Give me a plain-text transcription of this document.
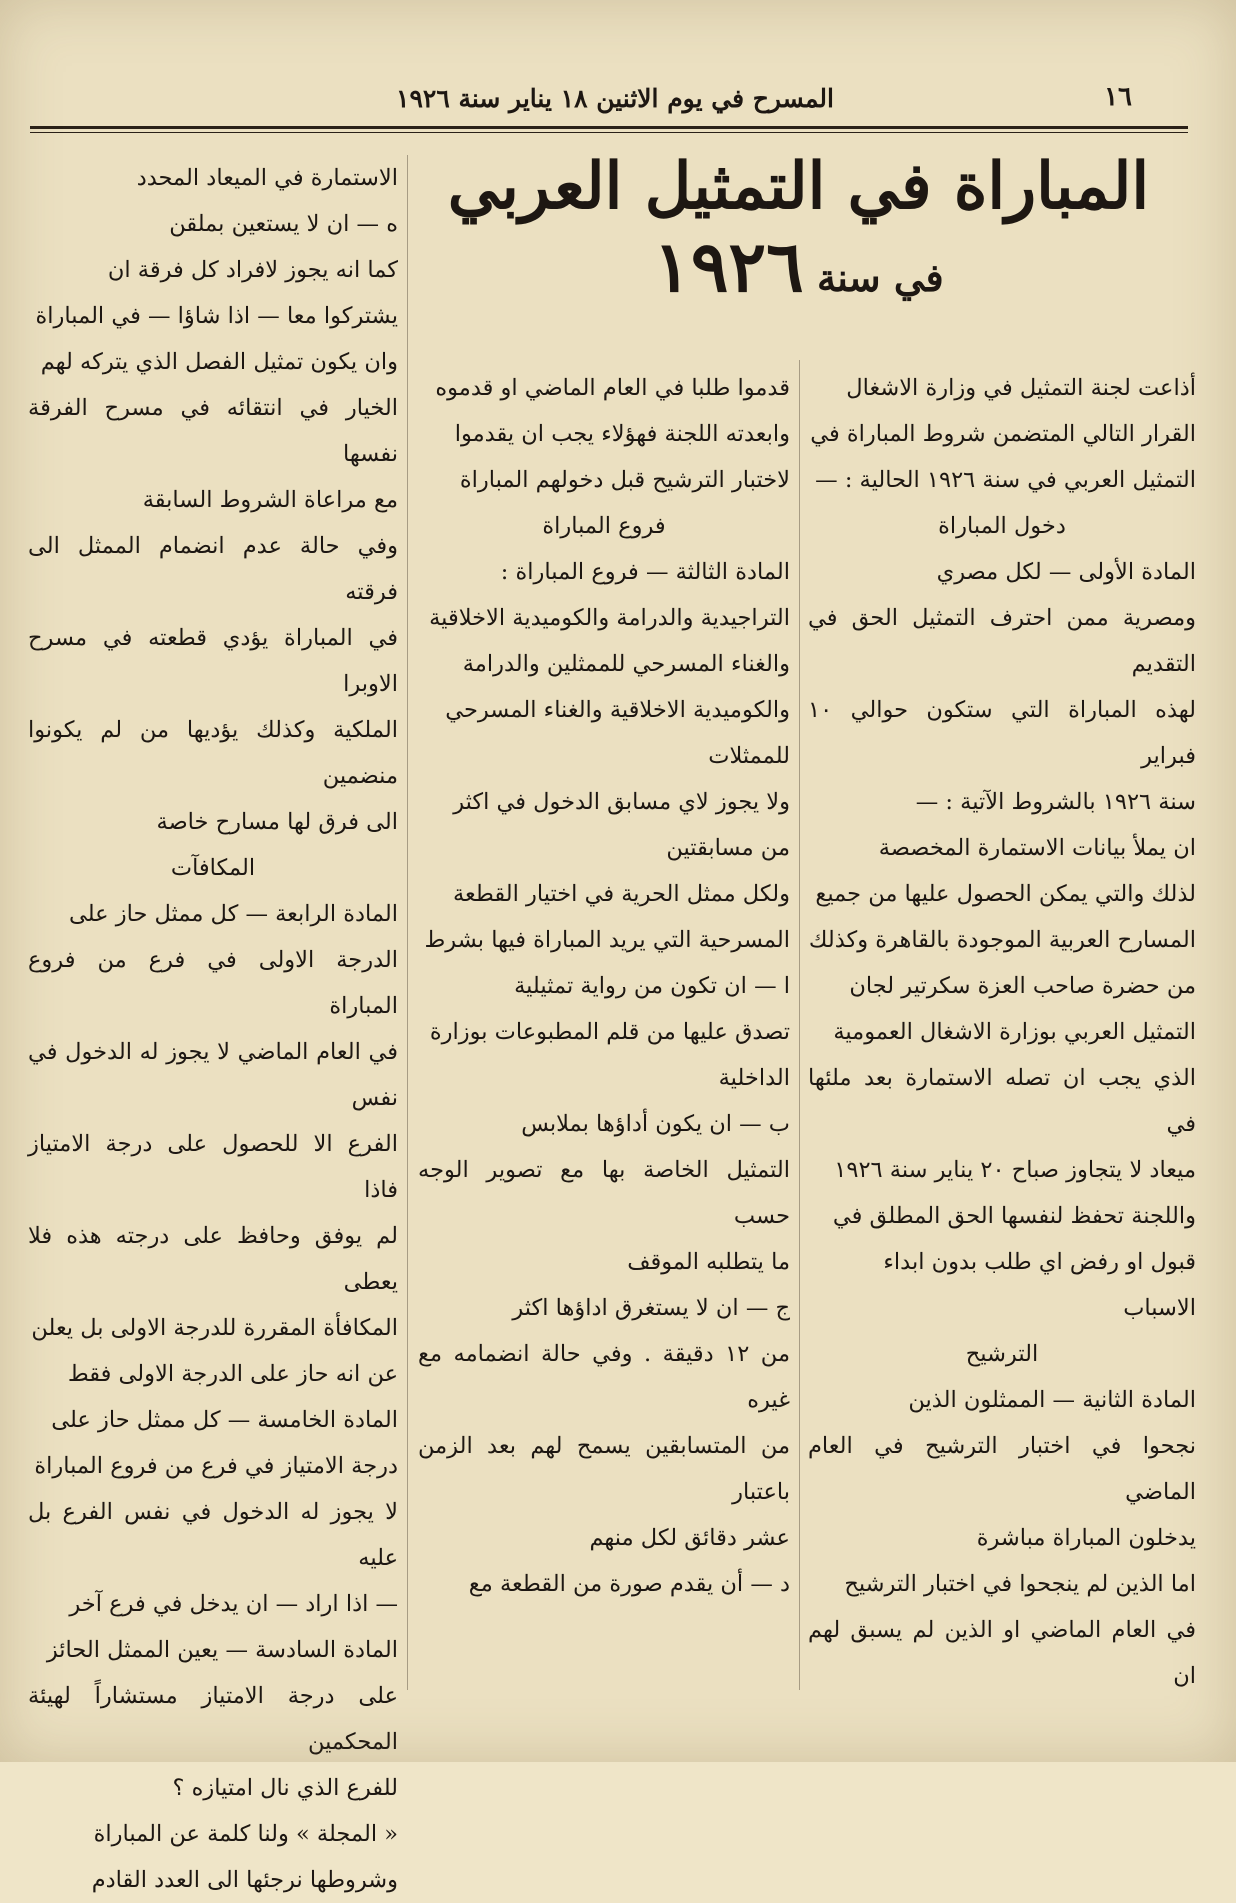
المسرح في يوم الاثنين ١٨ يناير سنة ١٩٢٦	١٦
المباراة في التمثيل العربي
في سنة ١٩٢٦

أذاعت لجنة التمثيل في وزارة الاشغال

القرار التالي المتضمن شروط المباراة في

التمثيل العربي في سنة ١٩٢٦ الحالية : —

دخول المباراة

المادة الأولى — لكل مصري

ومصرية ممن احترف التمثيل الحق في التقديم

لهذه المباراة التي ستكون حوالي ١٠ فبراير

سنة ١٩٢٦ بالشروط الآتية : —

ان يملأ بيانات الاستمارة المخصصة

لذلك والتي يمكن الحصول عليها من جميع

المسارح العربية الموجودة بالقاهرة وكذلك

من حضرة صاحب العزة سكرتير لجان

التمثيل العربي بوزارة الاشغال العمومية

الذي يجب ان تصله الاستمارة بعد ملئها في

ميعاد لا يتجاوز صباح ٢٠ يناير سنة ١٩٢٦

واللجنة تحفظ لنفسها الحق المطلق في

قبول او رفض اي طلب بدون ابداء

الاسباب

الترشيح

المادة الثانية — الممثلون الذين

نجحوا في اختبار الترشيح في العام الماضي

يدخلون المباراة مباشرة

اما الذين لم ينجحوا في اختبار الترشيح

في العام الماضي او الذين لم يسبق لهم ان

قدموا طلبا في العام الماضي او قدموه

وابعدته اللجنة فهؤلاء يجب ان يقدموا

لاختبار الترشيح قبل دخولهم المباراة

فروع المباراة

المادة الثالثة — فروع المباراة :

التراجيدية والدرامة والكوميدية الاخلاقية

والغناء المسرحي للممثلين والدرامة

والكوميدية الاخلاقية والغناء المسرحي

للممثلات

ولا يجوز لاي مسابق الدخول في اكثر

من مسابقتين

ولكل ممثل الحرية في اختيار القطعة

المسرحية التي يريد المباراة فيها بشرط

ا — ان تكون من رواية تمثيلية

تصدق عليها من قلم المطبوعات بوزارة

الداخلية

ب — ان يكون أداؤها بملابس

التمثيل الخاصة بها مع تصوير الوجه حسب

ما يتطلبه الموقف

ج — ان لا يستغرق اداؤها اكثر

من ١٢ دقيقة . وفي حالة انضمامه مع غيره

من المتسابقين يسمح لهم بعد الزمن باعتبار

عشر دقائق لكل منهم

د — أن يقدم صورة من القطعة مع

الاستمارة في الميعاد المحدد

ه — ان لا يستعين بملقن

كما انه يجوز لافراد كل فرقة ان

يشتركوا معا — اذا شاؤا — في المباراة

وان يكون تمثيل الفصل الذي يتركه لهم

الخيار في انتقائه في مسرح الفرقة نفسها

مع مراعاة الشروط السابقة

وفي حالة عدم انضمام الممثل الى فرقته

في المباراة يؤدي قطعته في مسرح الاوبرا

الملكية وكذلك يؤديها من لم يكونوا منضمين

الى فرق لها مسارح خاصة

المكافآت

المادة الرابعة — كل ممثل حاز على

الدرجة الاولى في فرع من فروع المباراة

في العام الماضي لا يجوز له الدخول في نفس

الفرع الا للحصول على درجة الامتياز فاذا

لم يوفق وحافظ على درجته هذه فلا يعطى

المكافأة المقررة للدرجة الاولى بل يعلن

عن انه حاز على الدرجة الاولى فقط

المادة الخامسة — كل ممثل حاز على

درجة الامتياز في فرع من فروع المباراة

لا يجوز له الدخول في نفس الفرع بل عليه

— اذا اراد — ان يدخل في فرع آخر

المادة السادسة — يعين الممثل الحائز

على درجة الامتياز مستشاراً لهيئة المحكمين

للفرع الذي نال امتيازه ؟

« المجلة » ولنا كلمة عن المباراة

وشروطها نرجئها الى العدد القادم
